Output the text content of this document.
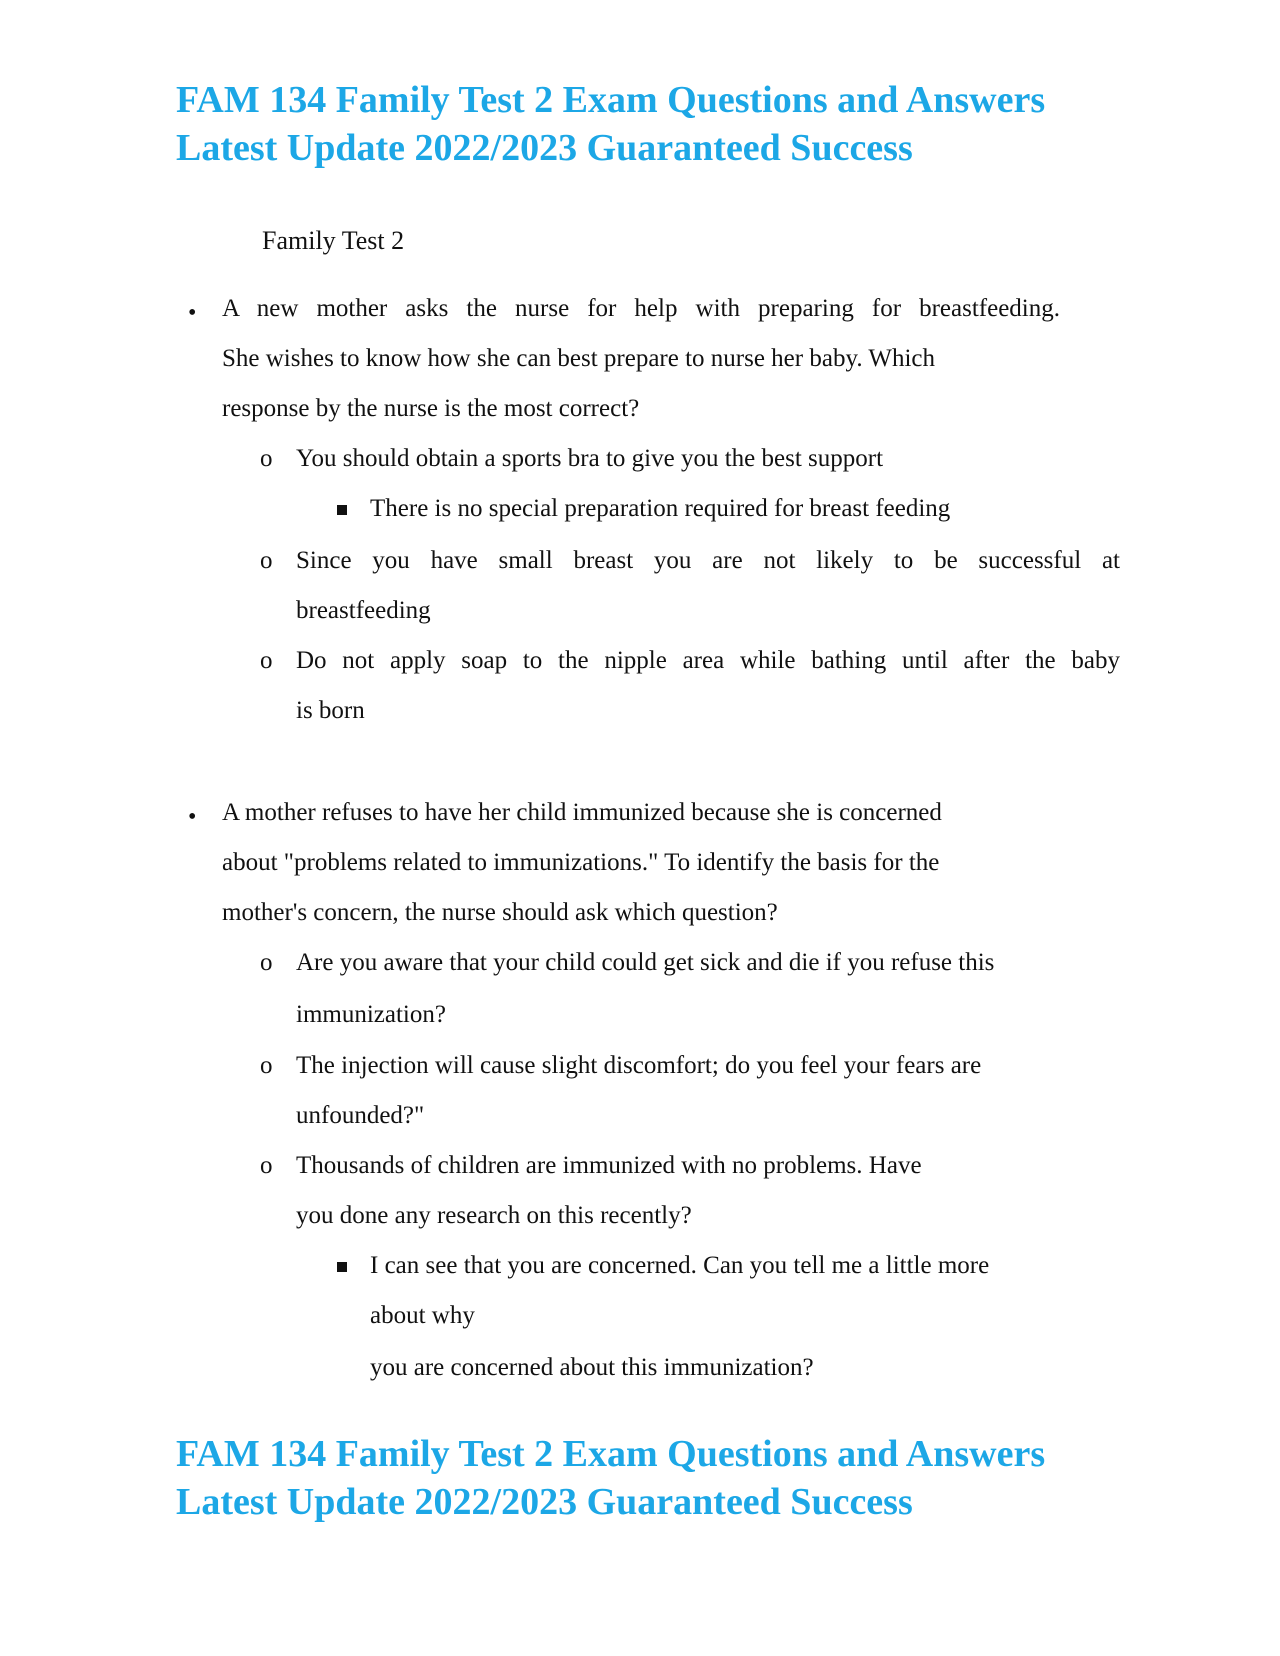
FAM 134 Family Test 2 Exam Questions and Answers Latest Update 2022/2023 Guaranteed Success
Family Test 2
• A new mother asks the nurse for help with preparing for breastfeeding.
She wishes to know how she can best prepare to nurse her baby. Which
response by the nurse is the most correct?
o You should obtain a sports bra to give you the best support
There is no special preparation required for breast feeding
o Since you have small breast you are not likely to be successful at
breastfeeding
o Do not apply soap to the nipple area while bathing until after the baby
is born
• A mother refuses to have her child immunized because she is concerned
about "problems related to immunizations." To identify the basis for the
mother's concern, the nurse should ask which question?
o Are you aware that your child could get sick and die if you refuse this
immunization?
o The injection will cause slight discomfort; do you feel your fears are
unfounded?"
o Thousands of children are immunized with no problems. Have
you done any research on this recently?
I can see that you are concerned. Can you tell me a little more
about why
you are concerned about this immunization?
FAM 134 Family Test 2 Exam Questions and Answers Latest Update 2022/2023 Guaranteed Success
